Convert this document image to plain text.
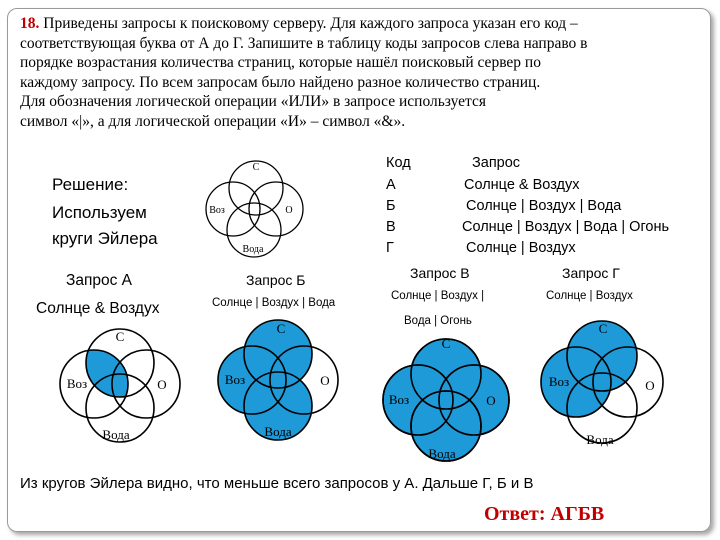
18. Приведены запросы к поисковому серверу. Для каждого запроса указан его код –
соответствующая буква от А до Г. Запишите в таблицу коды запросов слева направо в
порядке возрастания количества страниц, которые нашёл поисковый сервер по
каждому запросу. По всем запросам было найдено разное количество страниц.
Для обозначения логической операции «ИЛИ» в запросе используется
символ «|», а для логической операции «И» – символ «&».
Решение:
Используем
круги Эйлера
С
Воз	О
Вода
Код	Запрос
А	Солнце & Воздух
Б	Солнце | Воздух | Вода
В	Солнце | Воздух | Вода | Огонь
Г	Солнце | Воздух
Запрос А
Солнце & Воздух
Запрос Б
Солнце | Воздух | Вода
Запрос В
Солнце | Воздух |
Вода | Огонь
Запрос Г
Солнце | Воздух
С
Воз	О
Вода
С
Воз	О
Вода
С
Воз	О
Вода
С
Воз	О
Вода
Из кругов Эйлера видно, что меньше всего запросов у А. Дальше Г, Б и В
Ответ: АГБВ
